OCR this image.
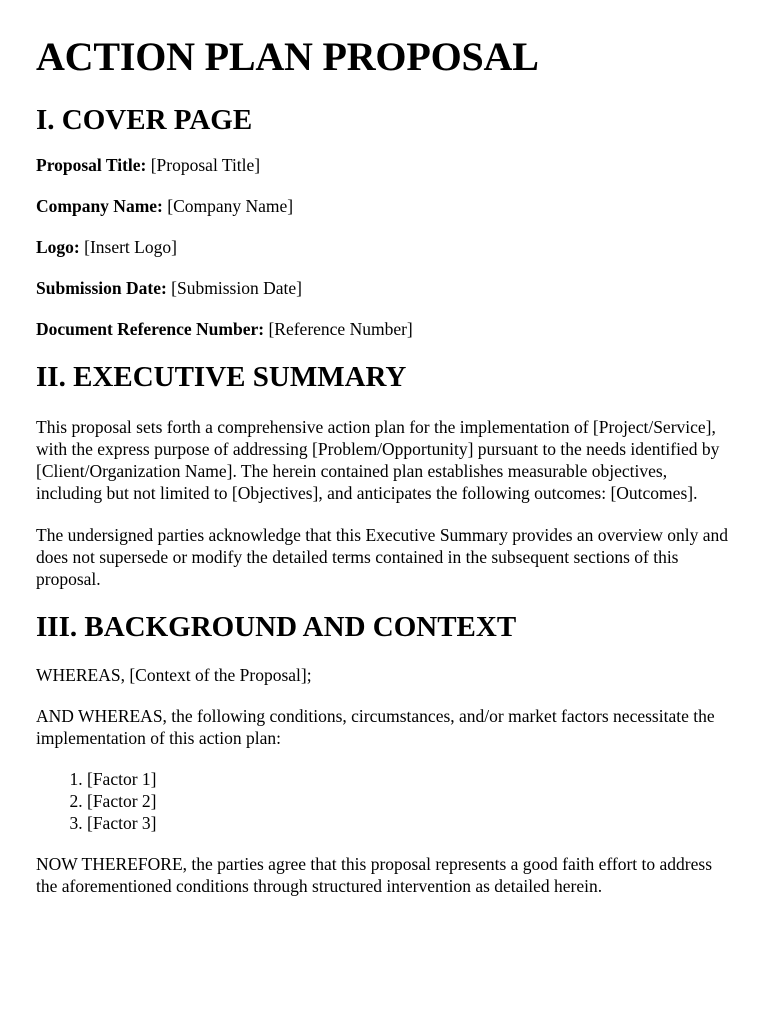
ACTION PLAN PROPOSAL
I. COVER PAGE

Proposal Title: [Proposal Title]

Company Name: [Company Name]

Logo: [Insert Logo]

Submission Date: [Submission Date]

Document Reference Number: [Reference Number]

II. EXECUTIVE SUMMARY

This proposal sets forth a comprehensive action plan for the implementation of [Project/Service], with the express purpose of addressing [Problem/Opportunity] pursuant to the needs identified by [Client/Organization Name]. The herein contained plan establishes measurable objectives, including but not limited to [Objectives], and anticipates the following outcomes: [Outcomes].

The undersigned parties acknowledge that this Executive Summary provides an overview only and does not supersede or modify the detailed terms contained in the subsequent sections of this proposal.

III. BACKGROUND AND CONTEXT

WHEREAS, [Context of the Proposal];

AND WHEREAS, the following conditions, circumstances, and/or market factors necessitate the implementation of this action plan:

1. [Factor 1]
2. [Factor 2]
3. [Factor 3]

NOW THEREFORE, the parties agree that this proposal represents a good faith effort to address the aforementioned conditions through structured intervention as detailed herein.
